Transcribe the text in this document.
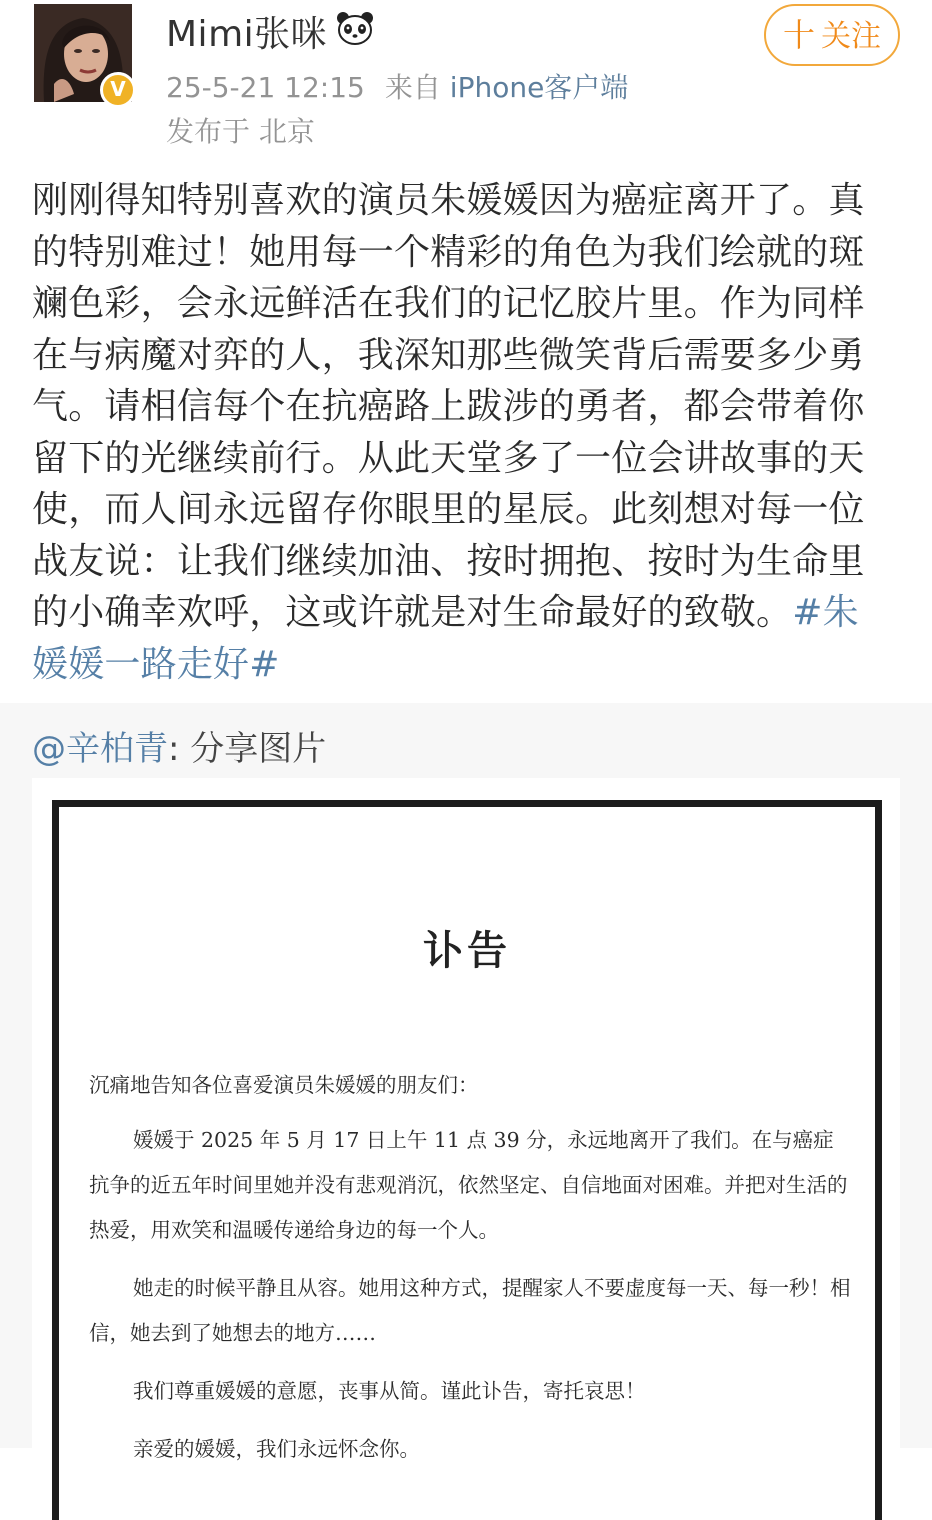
V
Mimi张咪
25-5-21 12:15 来自 iPhone客户端
发布于 北京
十 关注
刚刚得知特别喜欢的演员朱媛媛因为癌症离开了。真的特别难过！她用每一个精彩的角色为我们绘就的斑斓色彩，会永远鲜活在我们的记忆胶片里。作为同样在与病魔对弈的人，我深知那些微笑背后需要多少勇气。请相信每个在抗癌路上跋涉的勇者，都会带着你留下的光继续前行。从此天堂多了一位会讲故事的天使，而人间永远留存你眼里的星辰。此刻想对每一位战友说：让我们继续加油、按时拥抱、按时为生命里的小确幸欢呼，这或许就是对生命最好的致敬。#朱媛媛一路走好#
@辛柏青: 分享图片
讣告

沉痛地告知各位喜爱演员朱媛媛的朋友们：

媛媛于 2025 年 5 月 17 日上午 11 点 39 分，永远地离开了我们。在与癌症抗争的近五年时间里她并没有悲观消沉，依然坚定、自信地面对困难。并把对生活的热爱，用欢笑和温暖传递给身边的每一个人。

她走的时候平静且从容。她用这种方式，提醒家人不要虚度每一天、每一秒！相信，她去到了她想去的地方……

我们尊重媛媛的意愿，丧事从简。谨此讣告，寄托哀思！

亲爱的媛媛，我们永远怀念你。
